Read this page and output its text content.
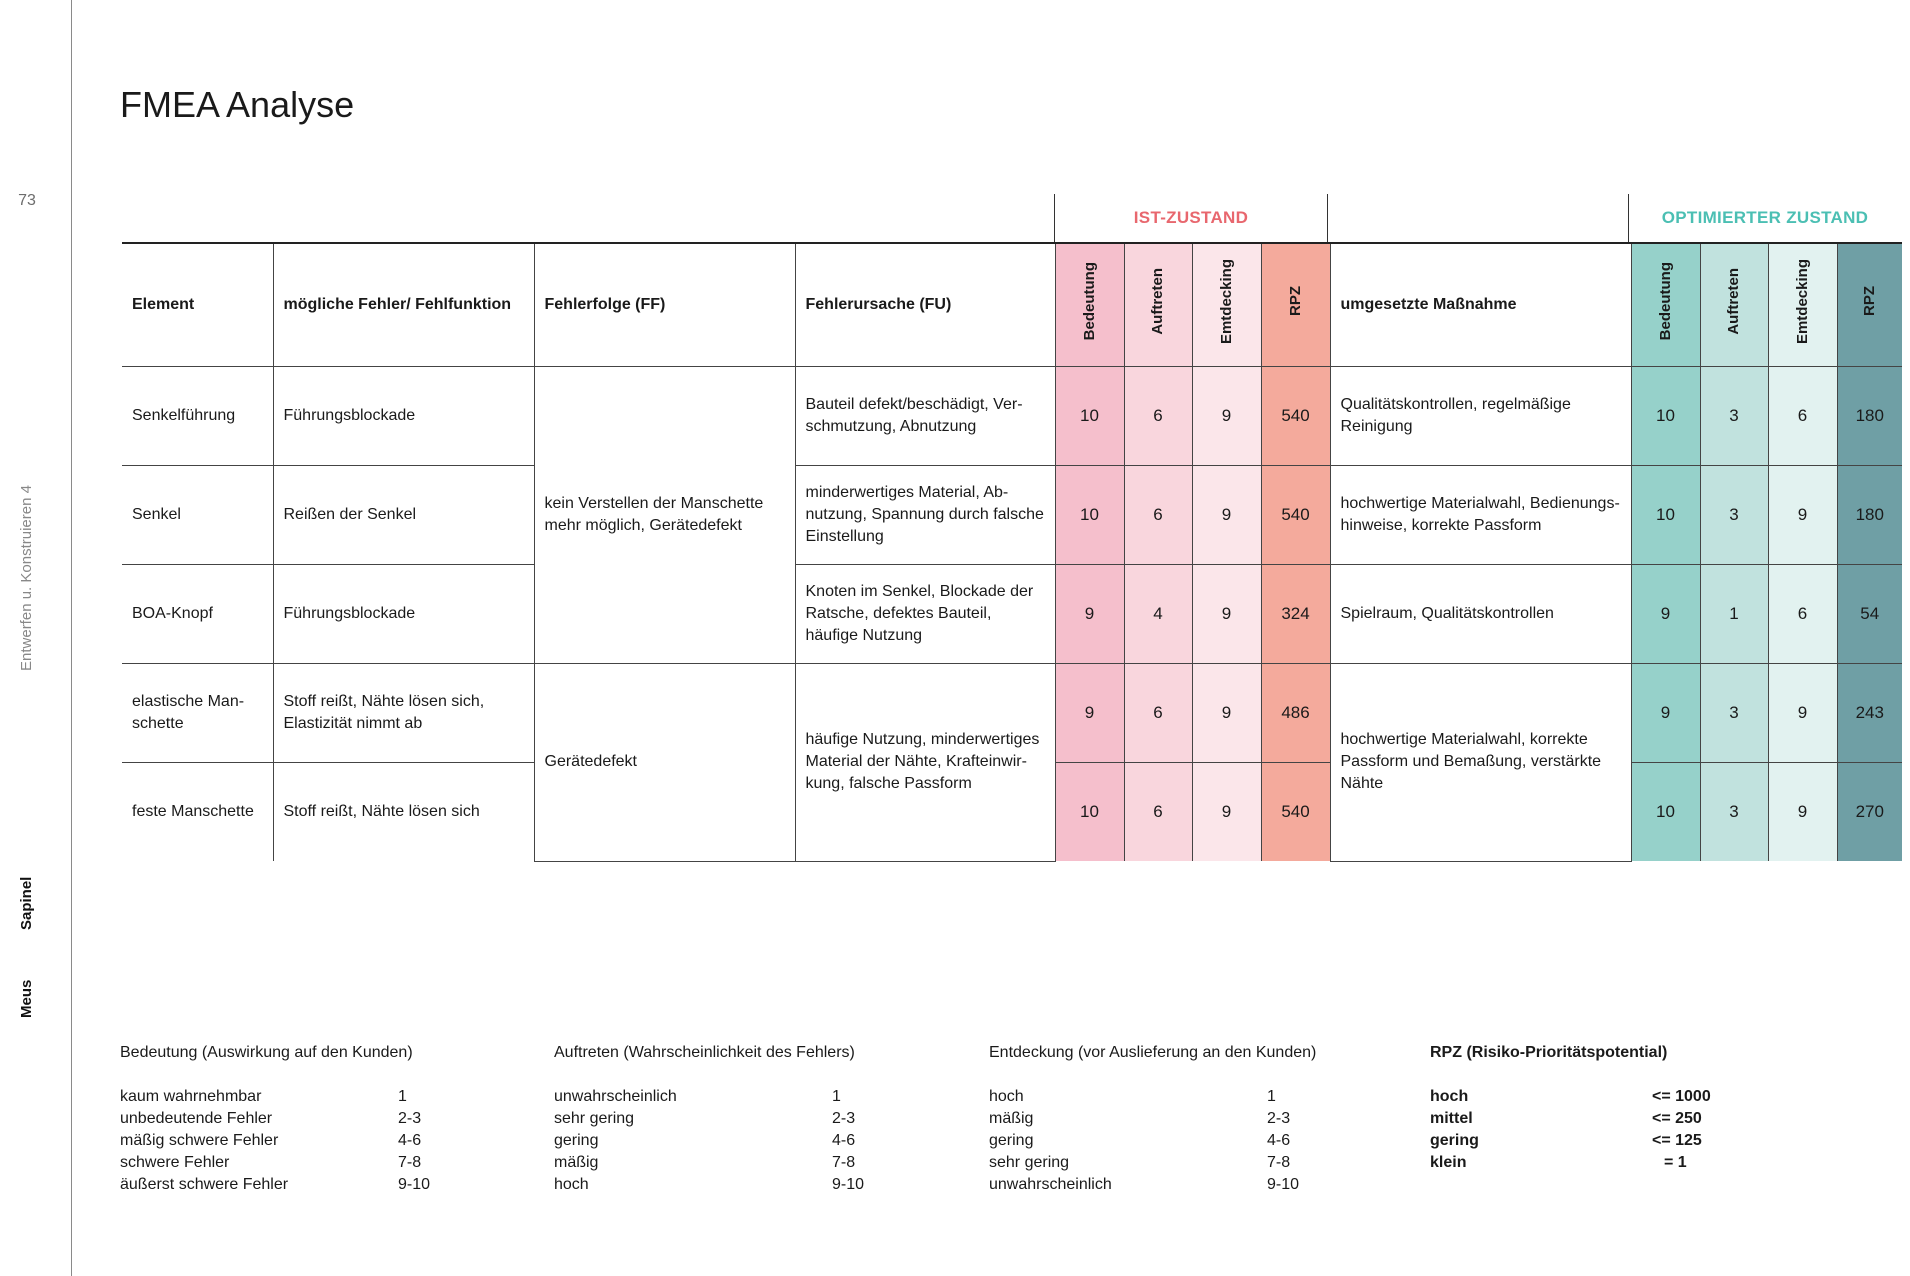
73
Entwerfen u. Konstruieren 4
Sapinel
Meus
FMEA Analyse
IST-ZUSTAND	OPTIMIERTER ZUSTAND
Element	mögliche Fehler/ Fehlfunktion	Fehlerfolge (FF)	Fehlerursache (FU)	Bedeutung	Auftreten	Emtdecking	RPZ	umgesetzte Maßnahme	Bedeutung	Auftreten	Emtdecking	RPZ
Senkelführung	Führungsblockade	kein Verstellen der Manschette mehr möglich, Gerätedefekt	Bauteil defekt/beschädigt, Ver-schmutzung, Abnutzung	10	6	9	540	Qualitätskontrollen, regelmäßige Reinigung	10	3	6	180
Senkel	Reißen der Senkel		minderwertiges Material, Ab-nutzung, Spannung durch falsche Einstellung	10	6	9	540	hochwertige Materialwahl, Bedienungs-hinweise, korrekte Passform	10	3	9	180
BOA-Knopf	Führungsblockade		Knoten im Senkel, Blockade der Ratsche, defektes Bauteil, häufige Nutzung	9	4	9	324	Spielraum, Qualitätskontrollen	9	1	6	54
elastische Man-schette	Stoff reißt, Nähte lösen sich, Elastizität nimmt ab	Gerätedefekt	häufige Nutzung, minderwertiges Material der Nähte, Krafteinwir-kung, falsche Passform	9	6	9	486	hochwertige Materialwahl, korrekte Passform und Bemaßung, verstärkte Nähte	9	3	9	243
feste Manschette	Stoff reißt, Nähte lösen sich			10	6	9	540		10	3	9	270
Bedeutung (Auswirkung auf den Kunden)
kaum wahrnehmbar	1
unbedeutende Fehler	2-3
mäßig schwere Fehler	4-6
schwere Fehler	7-8
äußerst schwere Fehler	9-10
Auftreten (Wahrscheinlichkeit des Fehlers)
unwahrscheinlich	1
sehr gering	2-3
gering	4-6
mäßig	7-8
hoch	9-10
Entdeckung (vor Auslieferung an den Kunden)
hoch	1
mäßig	2-3
gering	4-6
sehr gering	7-8
unwahrscheinlich	9-10
RPZ (Risiko-Prioritätspotential)
hoch	<= 1000
mittel	<= 250
gering	<= 125
klein	= 1
